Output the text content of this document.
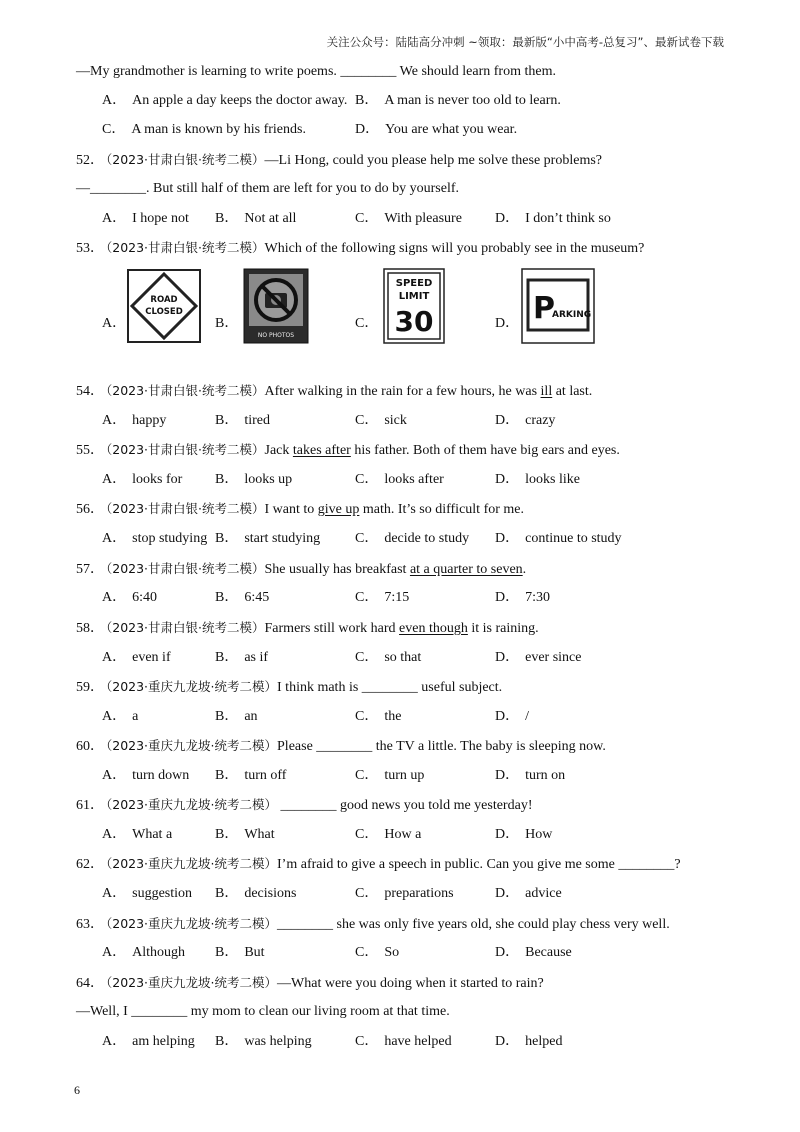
关注公众号：陆陆高分冲刺 ~领取：最新版“小中高考-总复习”、最新试卷下载
—My grandmother is learning to write poems. ________ We should learn from them.
A． An apple a day keeps the doctor away. B． A man is never too old to learn.
C． A man is known by his friends.	D． You are what you wear.
52． （2023·甘肃白银·统考二模）—Li Hong, could you please help me solve these problems?
—________. But still half of them are left for you to do by yourself.
A． I hope not B． Not at all	C． With pleasure D． I don’t think so
53． （2023·甘肃白银·统考二模）Which of the following signs will you probably see in the museum?
A．
ROAD
CLOSED
B．
NO PHOTOS
C．
SPEED
LIMIT
30	D． P
ARKING
54． （2023·甘肃白银·统考二模）After walking in the rain for a few hours, he was ill at last.
A． happy	B． tired	C． sick	D． crazy
55． （2023·甘肃白银·统考二模）Jack takes after his father. Both of them have big ears and eyes.
A． looks for B． looks up	C． looks after	D． looks like
56． （2023·甘肃白银·统考二模）I want to give up math. It’s so difficult for me.
A． stop studying B． start studying C． decide to study D． continue to study
57． （2023·甘肃白银·统考二模）She usually has breakfast at a quarter to seven.
A． 6:40	B． 6:45	C． 7:15	D． 7:30
58． （2023·甘肃白银·统考二模）Farmers still work hard even though it is raining.
A． even if	B． as if	C． so that	D． ever since
59． （2023·重庆九龙坡·统考二模）I think math is ________ useful subject.
A． a	B． an	C． the	D． /
60． （2023·重庆九龙坡·统考二模）Please ________ the TV a little. The baby is sleeping now.
A． turn down B． turn off	C． turn up	D． turn on
61． （2023·重庆九龙坡·统考二模） ________ good news you told me yesterday!
A． What a	B． What	C． How a	D． How
62． （2023·重庆九龙坡·统考二模）I’m afraid to give a speech in public. Can you give me some ________?
A． suggestion B． decisions	C． preparations	D． advice
63． （2023·重庆九龙坡·统考二模）________ she was only five years old, she could play chess very well.
A． Although B． But	C． So	D． Because
64． （2023·重庆九龙坡·统考二模）—What were you doing when it started to rain?
—Well, I ________ my mom to clean our living room at that time.
A． am helping B． was helping	C． have helped	D． helped
6
